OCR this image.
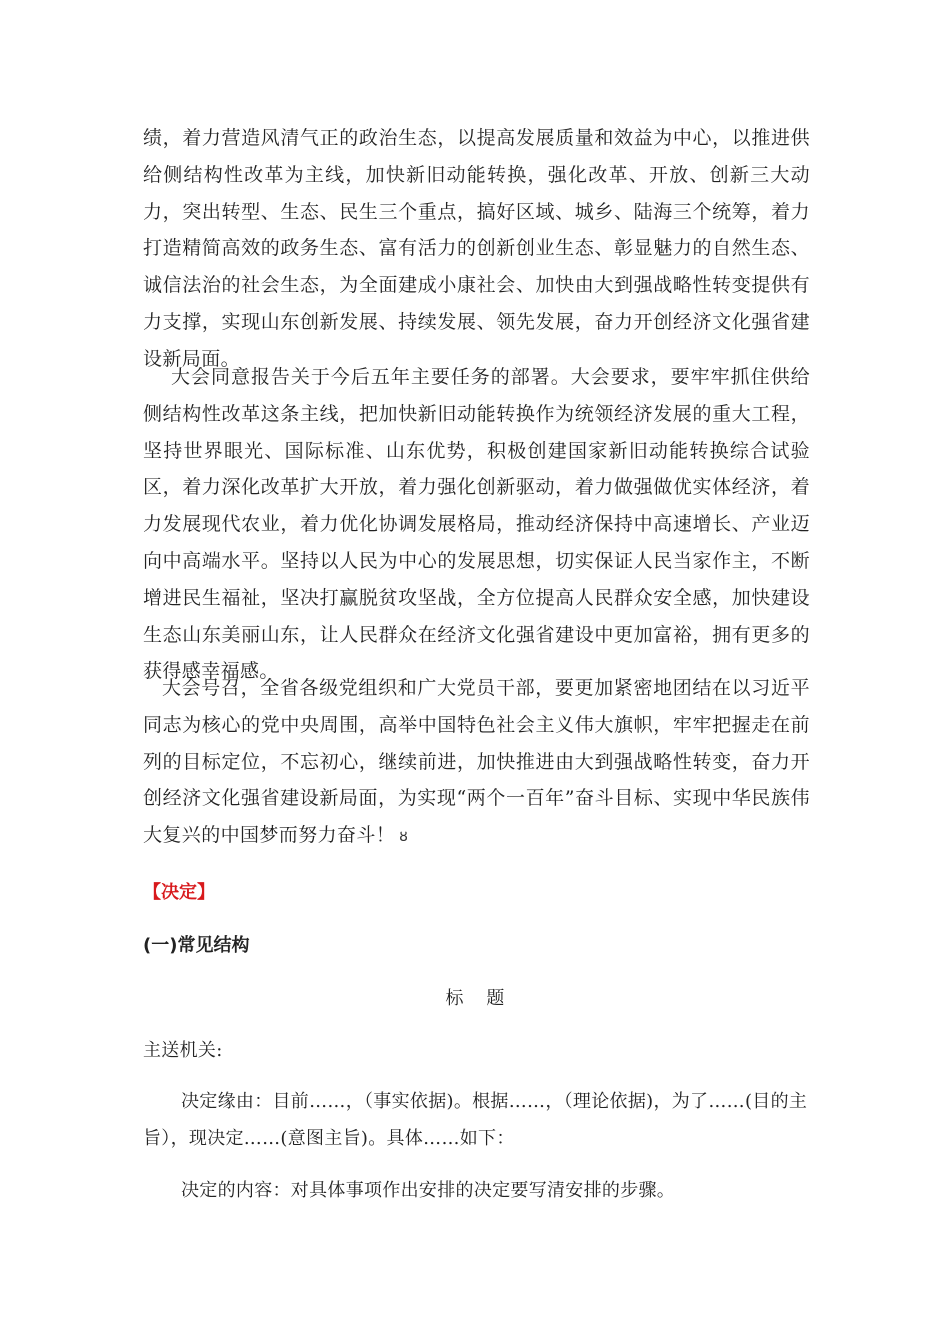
绩，着力营造风清气正的政治生态，以提高发展质量和效益为中心，以推进供给侧结构性改革为主线，加快新旧动能转换，强化改革、开放、创新三大动力，突出转型、生态、民生三个重点，搞好区域、城乡、陆海三个统筹，着力打造精简高效的政务生态、富有活力的创新创业生态、彰显魅力的自然生态、诚信法治的社会生态，为全面建成小康社会、加快由大到强战略性转变提供有力支撑，实现山东创新发展、持续发展、领先发展，奋力开创经济文化强省建设新局面。

大会同意报告关于今后五年主要任务的部署。大会要求，要牢牢抓住供给侧结构性改革这条主线，把加快新旧动能转换作为统领经济发展的重大工程，坚持世界眼光、国际标准、山东优势，积极创建国家新旧动能转换综合试验区，着力深化改革扩大开放，着力强化创新驱动，着力做强做优实体经济，着力发展现代农业，着力优化协调发展格局，推动经济保持中高速增长、产业迈向中高端水平。坚持以人民为中心的发展思想，切实保证人民当家作主，不断增进民生福祉，坚决打赢脱贫攻坚战，全方位提高人民群众安全感，加快建设生态山东美丽山东，让人民群众在经济文化强省建设中更加富裕，拥有更多的获得感幸福感。

大会号召，全省各级党组织和广大党员干部，要更加紧密地团结在以习近平同志为核心的党中央周围，高举中国特色社会主义伟大旗帜，牢牢把握走在前列的目标定位，不忘初心，继续前进，加快推进由大到强战略性转变，奋力开创经济文化强省建设新局面，为实现“两个一百年”奋斗目标、实现中华民族伟大复兴的中国梦而努力奋斗！ ȣ

【决定】

(一)常见结构

标    题

主送机关:

决定缘由：目前……，（事实依据)。根据……，（理论依据)，为了……(目的主旨），现决定……(意图主旨)。具体……如下：

决定的内容：对具体事项作出安排的决定要写清安排的步骤。
